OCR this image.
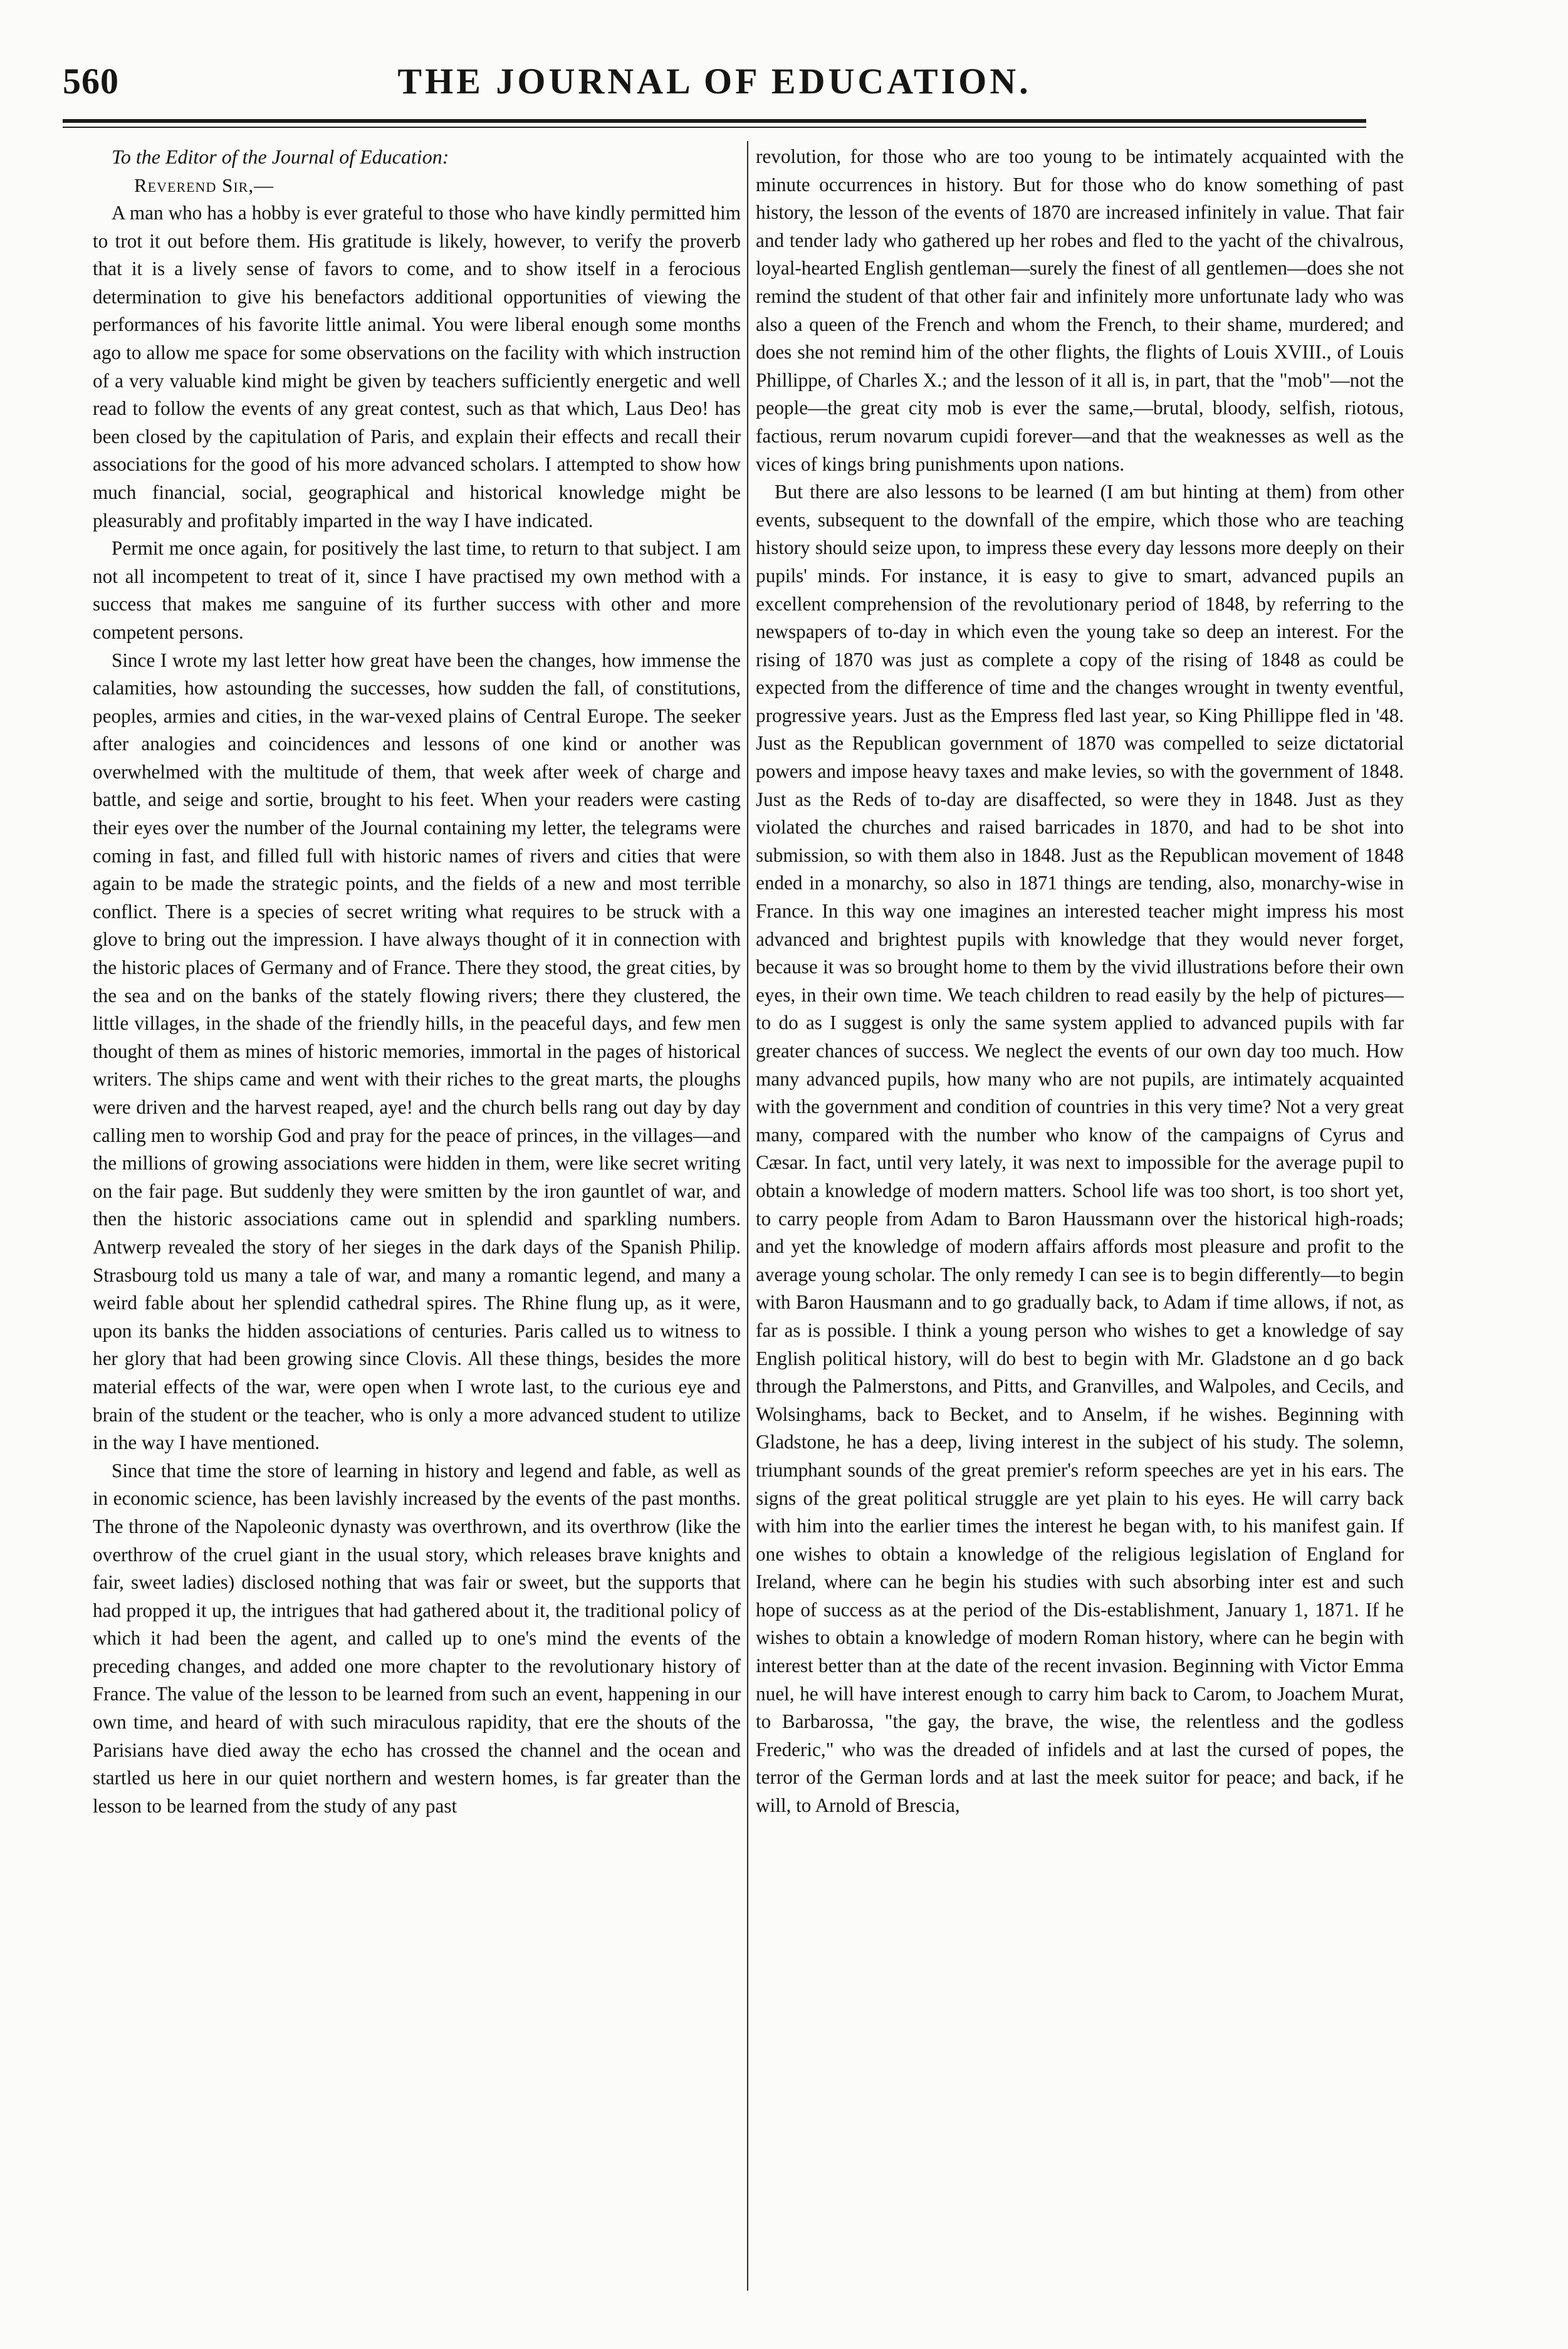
560	THE JOURNAL OF EDUCATION.
To the Editor of the Journal of Education:
Reverend Sir,—

A man who has a hobby is ever grateful to those who have kindly permitted him to trot it out before them. His gratitude is likely, however, to verify the proverb that it is a lively sense of favors to come, and to show itself in a ferocious determination to give his benefactors additional opportunities of viewing the performances of his favorite little animal. You were liberal enough some months ago to allow me space for some observations on the facility with which instruction of a very valuable kind might be given by teachers sufficiently energetic and well read to follow the events of any great contest, such as that which, Laus Deo! has been closed by the capitulation of Paris, and explain their effects and recall their associations for the good of his more advanced scholars. I attempted to show how much financial, social, geographical and historical knowledge might be pleasurably and profitably imparted in the way I have indicated.

Permit me once again, for positively the last time, to return to that subject. I am not all incompetent to treat of it, since I have practised my own method with a success that makes me sanguine of its further success with other and more competent persons.

Since I wrote my last letter how great have been the changes, how immense the calamities, how astounding the successes, how sudden the fall, of constitutions, peoples, armies and cities, in the war-vexed plains of Central Europe. The seeker after analogies and coincidences and lessons of one kind or another was overwhelmed with the multitude of them, that week after week of charge and battle, and seige and sortie, brought to his feet. When your readers were casting their eyes over the number of the Journal containing my letter, the telegrams were coming in fast, and filled full with historic names of rivers and cities that were again to be made the strategic points, and the fields of a new and most terrible conflict. There is a species of secret writing what requires to be struck with a glove to bring out the impression. I have always thought of it in connection with the historic places of Germany and of France. There they stood, the great cities, by the sea and on the banks of the stately flowing rivers; there they clustered, the little villages, in the shade of the friendly hills, in the peaceful days, and few men thought of them as mines of historic memories, immortal in the pages of historical writers. The ships came and went with their riches to the great marts, the ploughs were driven and the harvest reaped, aye! and the church bells rang out day by day calling men to worship God and pray for the peace of princes, in the villages—and the millions of growing associations were hidden in them, were like secret writing on the fair page. But suddenly they were smitten by the iron gauntlet of war, and then the historic associations came out in splendid and sparkling numbers. Antwerp revealed the story of her sieges in the dark days of the Spanish Philip. Strasbourg told us many a tale of war, and many a romantic legend, and many a weird fable about her splendid cathedral spires. The Rhine flung up, as it were, upon its banks the hidden associations of centuries. Paris called us to witness to her glory that had been growing since Clovis. All these things, besides the more material effects of the war, were open when I wrote last, to the curious eye and brain of the student or the teacher, who is only a more advanced student to utilize in the way I have mentioned.

Since that time the store of learning in history and legend and fable, as well as in economic science, has been lavishly increased by the events of the past months. The throne of the Napoleonic dynasty was overthrown, and its overthrow (like the overthrow of the cruel giant in the usual story, which releases brave knights and fair, sweet ladies) disclosed nothing that was fair or sweet, but the supports that had propped it up, the intrigues that had gathered about it, the traditional policy of which it had been the agent, and called up to one's mind the events of the preceding changes, and added one more chapter to the revolutionary history of France. The value of the lesson to be learned from such an event, happening in our own time, and heard of with such miraculous rapidity, that ere the shouts of the Parisians have died away the echo has crossed the channel and the ocean and startled us here in our quiet northern and western homes, is far greater than the lesson to be learned from the study of any past

revolution, for those who are too young to be intimately acquainted with the minute occurrences in history. But for those who do know something of past history, the lesson of the events of 1870 are increased infinitely in value. That fair and tender lady who gathered up her robes and fled to the yacht of the chivalrous, loyal-hearted English gentleman—surely the finest of all gentlemen—does she not remind the student of that other fair and infinitely more unfortunate lady who was also a queen of the French and whom the French, to their shame, murdered; and does she not remind him of the other flights, the flights of Louis XVIII., of Louis Phillippe, of Charles X.; and the lesson of it all is, in part, that the "mob"—not the people—the great city mob is ever the same,—brutal, bloody, selfish, riotous, factious, rerum novarum cupidi forever—and that the weaknesses as well as the vices of kings bring punishments upon nations.

But there are also lessons to be learned (I am but hinting at them) from other events, subsequent to the downfall of the empire, which those who are teaching history should seize upon, to impress these every day lessons more deeply on their pupils' minds. For instance, it is easy to give to smart, advanced pupils an excellent comprehension of the revolutionary period of 1848, by referring to the newspapers of to-day in which even the young take so deep an interest. For the rising of 1870 was just as complete a copy of the rising of 1848 as could be expected from the difference of time and the changes wrought in twenty eventful, progressive years. Just as the Empress fled last year, so King Phillippe fled in '48. Just as the Republican government of 1870 was compelled to seize dictatorial powers and impose heavy taxes and make levies, so with the government of 1848. Just as the Reds of to-day are disaffected, so were they in 1848. Just as they violated the churches and raised barricades in 1870, and had to be shot into submission, so with them also in 1848. Just as the Republican movement of 1848 ended in a monarchy, so also in 1871 things are tending, also, monarchy-wise in France. In this way one imagines an interested teacher might impress his most advanced and brightest pupils with knowledge that they would never forget, because it was so brought home to them by the vivid illustrations before their own eyes, in their own time. We teach children to read easily by the help of pictures—to do as I suggest is only the same system applied to advanced pupils with far greater chances of success. We neglect the events of our own day too much. How many advanced pupils, how many who are not pupils, are intimately acquainted with the government and condition of countries in this very time? Not a very great many, compared with the number who know of the campaigns of Cyrus and Cæsar. In fact, until very lately, it was next to impossible for the average pupil to obtain a knowledge of modern matters. School life was too short, is too short yet, to carry people from Adam to Baron Haussmann over the historical high-roads; and yet the knowledge of modern affairs affords most pleasure and profit to the average young scholar. The only remedy I can see is to begin differently—to begin with Baron Hausmann and to go gradually back, to Adam if time allows, if not, as far as is possible. I think a young person who wishes to get a knowledge of say English political history, will do best to begin with Mr. Gladstone an d go back through the Palmerstons, and Pitts, and Granvilles, and Walpoles, and Cecils, and Wolsinghams, back to Becket, and to Anselm, if he wishes. Beginning with Gladstone, he has a deep, living interest in the subject of his study. The solemn, triumphant sounds of the great premier's reform speeches are yet in his ears. The signs of the great political struggle are yet plain to his eyes. He will carry back with him into the earlier times the interest he began with, to his manifest gain. If one wishes to obtain a knowledge of the religious legislation of England for Ireland, where can he begin his studies with such absorbing inter est and such hope of success as at the period of the Dis-establishment, January 1, 1871. If he wishes to obtain a knowledge of modern Roman history, where can he begin with interest better than at the date of the recent invasion. Beginning with Victor Emma nuel, he will have interest enough to carry him back to Carom, to Joachem Murat, to Barbarossa, "the gay, the brave, the wise, the relentless and the godless Frederic," who was the dreaded of infidels and at last the cursed of popes, the terror of the German lords and at last the meek suitor for peace; and back, if he will, to Arnold of Brescia,
